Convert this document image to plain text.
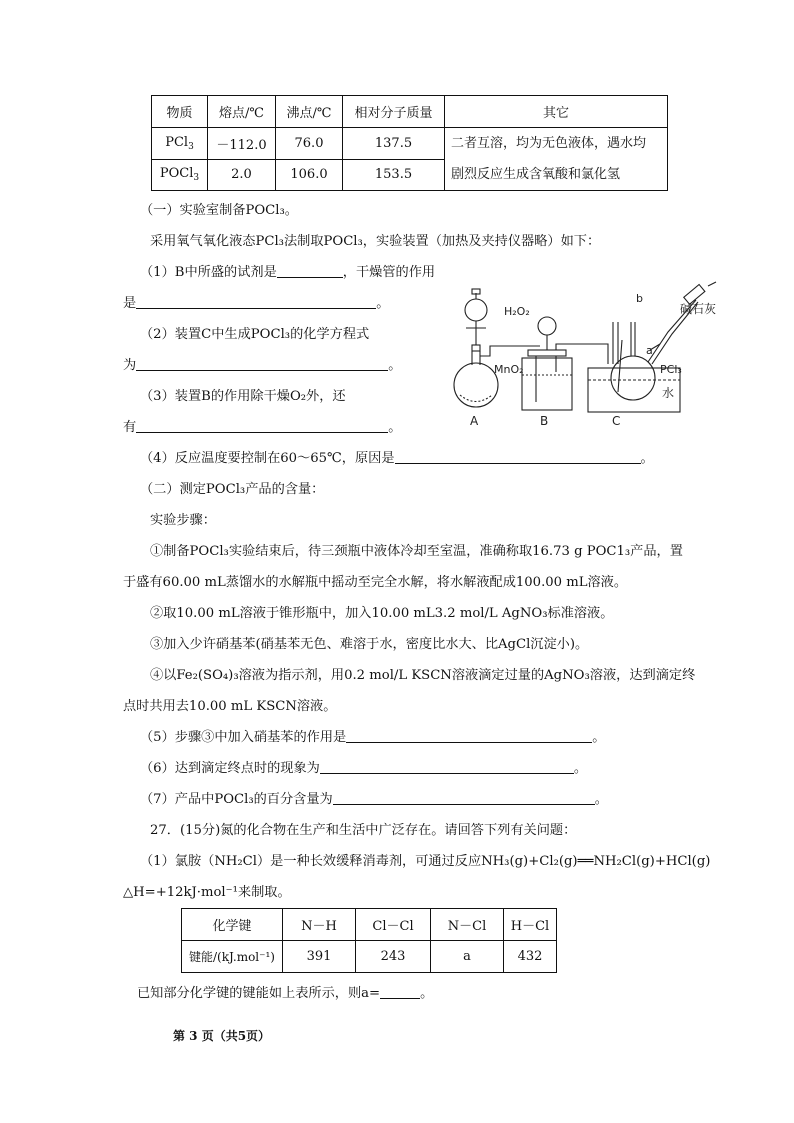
物质	熔点/℃	沸点/℃	相对分子质量	其它
PCl$_3$	－112.0	76.0	137.5	二者互溶，均为无色液体，遇水均
剧烈反应生成含氧酸和氯化氢

POCl$_3$	2.0	106.0	153.5	
（一）实验室制备POCl₃。
采用氧气氧化液态PCl₃法制取POCl₃，实验装置（加热及夹持仪器略）如下：
（1）B中所盛的试剂是	，干燥管的作用
是	。
（2）装置C中生成POCl₃的化学方程式
为	。
（3）装置B的作用除干燥O₂外，还
有	。
H₂O₂
MnO₂
A	B	C
PCl₃
水
碱石灰
b
a
（4）反应温度要控制在60～65℃，原因是	。
（二）测定POCl₃产品的含量：
实验步骤：
①制备POCl₃实验结束后，待三颈瓶中液体冷却至室温，准确称取16.73 g POC1₃产品，置
于盛有60.00 mL蒸馏水的水解瓶中摇动至完全水解，将水解液配成100.00 mL溶液。
②取10.00 mL溶液于锥形瓶中，加入10.00 mL3.2 mol/L AgNO₃标准溶液。
③加入少许硝基苯(硝基苯无色、难溶于水，密度比水大、比AgCl沉淀小)。
④以Fe₂(SO₄)₃溶液为指示剂，用0.2 mol/L KSCN溶液滴定过量的AgNO₃溶液，达到滴定终
点时共用去10.00 mL KSCN溶液。
（5）步骤③中加入硝基苯的作用是	。
（6）达到滴定终点时的现象为	。
（7）产品中POCl₃的百分含量为	。
27．(15分)氮的化合物在生产和生活中广泛存在。请回答下列有关问题：
（1）氯胺（NH₂Cl）是一种长效缓释消毒剂，可通过反应NH₃(g)+Cl₂(g)══NH₂Cl(g)+HCl(g)
△H=+12kJ·mol⁻¹来制取。
化学键	N－H	Cl－Cl	N－Cl	H－Cl
键能/(kJ.mol⁻¹)	391	243	a	432
已知部分化学键的键能如上表所示，则a=	。
第 3 页（共5页）
